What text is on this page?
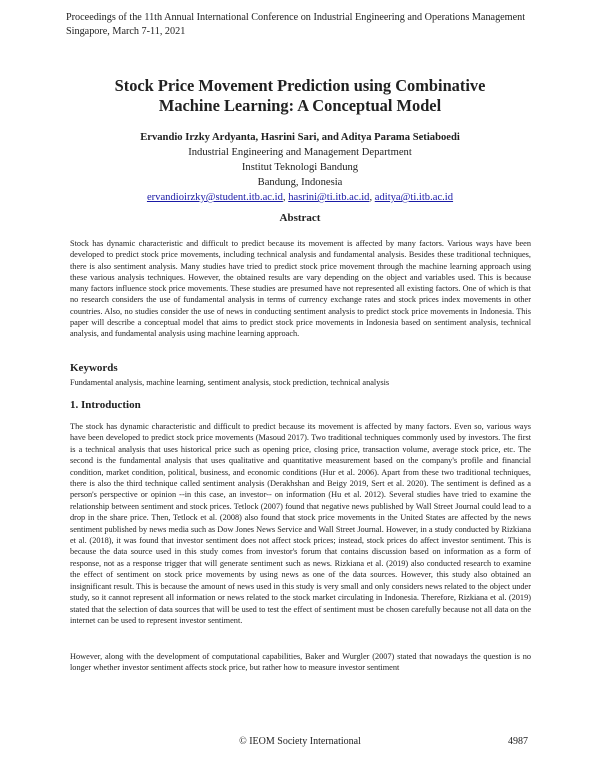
Proceedings of the 11th Annual International Conference on Industrial Engineering and Operations Management
Singapore, March 7-11, 2021
Stock Price Movement Prediction using Combinative
Machine Learning: A Conceptual Model
Ervandio Irzky Ardyanta, Hasrini Sari, and Aditya Parama Setiaboedi
Industrial Engineering and Management Department
Institut Teknologi Bandung
Bandung, Indonesia
ervandioirzky@student.itb.ac.id, hasrini@ti.itb.ac.id, aditya@ti.itb.ac.id
Abstract
Stock has dynamic characteristic and difficult to predict because its movement is affected by many factors. Various ways have been developed to predict stock price movements, including technical analysis and fundamental analysis. Besides these traditional techniques, there is also sentiment analysis. Many studies have tried to predict stock price movement through the machine learning approach using these various analysis techniques. However, the obtained results are vary depending on the object and variables used. This is because many factors influence stock price movements. These studies are presumed have not represented all existing factors. One of which is that no research considers the use of fundamental analysis in terms of currency exchange rates and stock prices index movements in other countries. Also, no studies consider the use of news in conducting sentiment analysis to predict stock price movements in Indonesia. This paper will describe a conceptual model that aims to predict stock price movements in Indonesia based on sentiment analysis, technical analysis, and fundamental analysis using machine learning approach.
Keywords
Fundamental analysis, machine learning, sentiment analysis, stock prediction, technical analysis
1. Introduction
The stock has dynamic characteristic and difficult to predict because its movement is affected by many factors. Even so, various ways have been developed to predict stock price movements (Masoud 2017). Two traditional techniques commonly used by investors. The first is a technical analysis that uses historical price such as opening price, closing price, transaction volume, average stock price, etc. The second is the fundamental analysis that uses qualitative and quantitative measurement based on the company's profile and financial condition, market condition, political, business, and economic conditions (Hur et al. 2006). Apart from these two traditional techniques, there is also the third technique called sentiment analysis (Derakhshan and Beigy 2019, Sert et al. 2020). The sentiment is defined as a person's perspective or opinion --in this case, an investor-- on information (Hu et al. 2012). Several studies have tried to examine the relationship between sentiment and stock prices. Tetlock (2007) found that negative news published by Wall Street Journal could lead to a drop in the share price. Then, Tetlock et al. (2008) also found that stock price movements in the United States are affected by the news sentiment published by news media such as Dow Jones News Service and Wall Street Journal. However, in a study conducted by Rizkiana et al. (2018), it was found that investor sentiment does not affect stock prices; instead, stock prices do affect investor sentiment. This is because the data source used in this study comes from investor's forum that contains discussion based on information as a form of response, not as a response trigger that will generate sentiment such as news. Rizkiana et al. (2019) also conducted research to examine the effect of sentiment on stock price movements by using news as one of the data sources. However, this study also obtained an insignificant result. This is because the amount of news used in this study is very small and only considers news related to the object under study, so it cannot represent all information or news related to the stock market circulating in Indonesia. Therefore, Rizkiana et al. (2019) stated that the selection of data sources that will be used to test the effect of sentiment must be chosen carefully because not all data on the internet can be used to represent investor sentiment.
However, along with the development of computational capabilities, Baker and Wurgler (2007) stated that nowadays the question is no longer whether investor sentiment affects stock price, but rather how to measure investor sentiment
© IEOM Society International	4987
